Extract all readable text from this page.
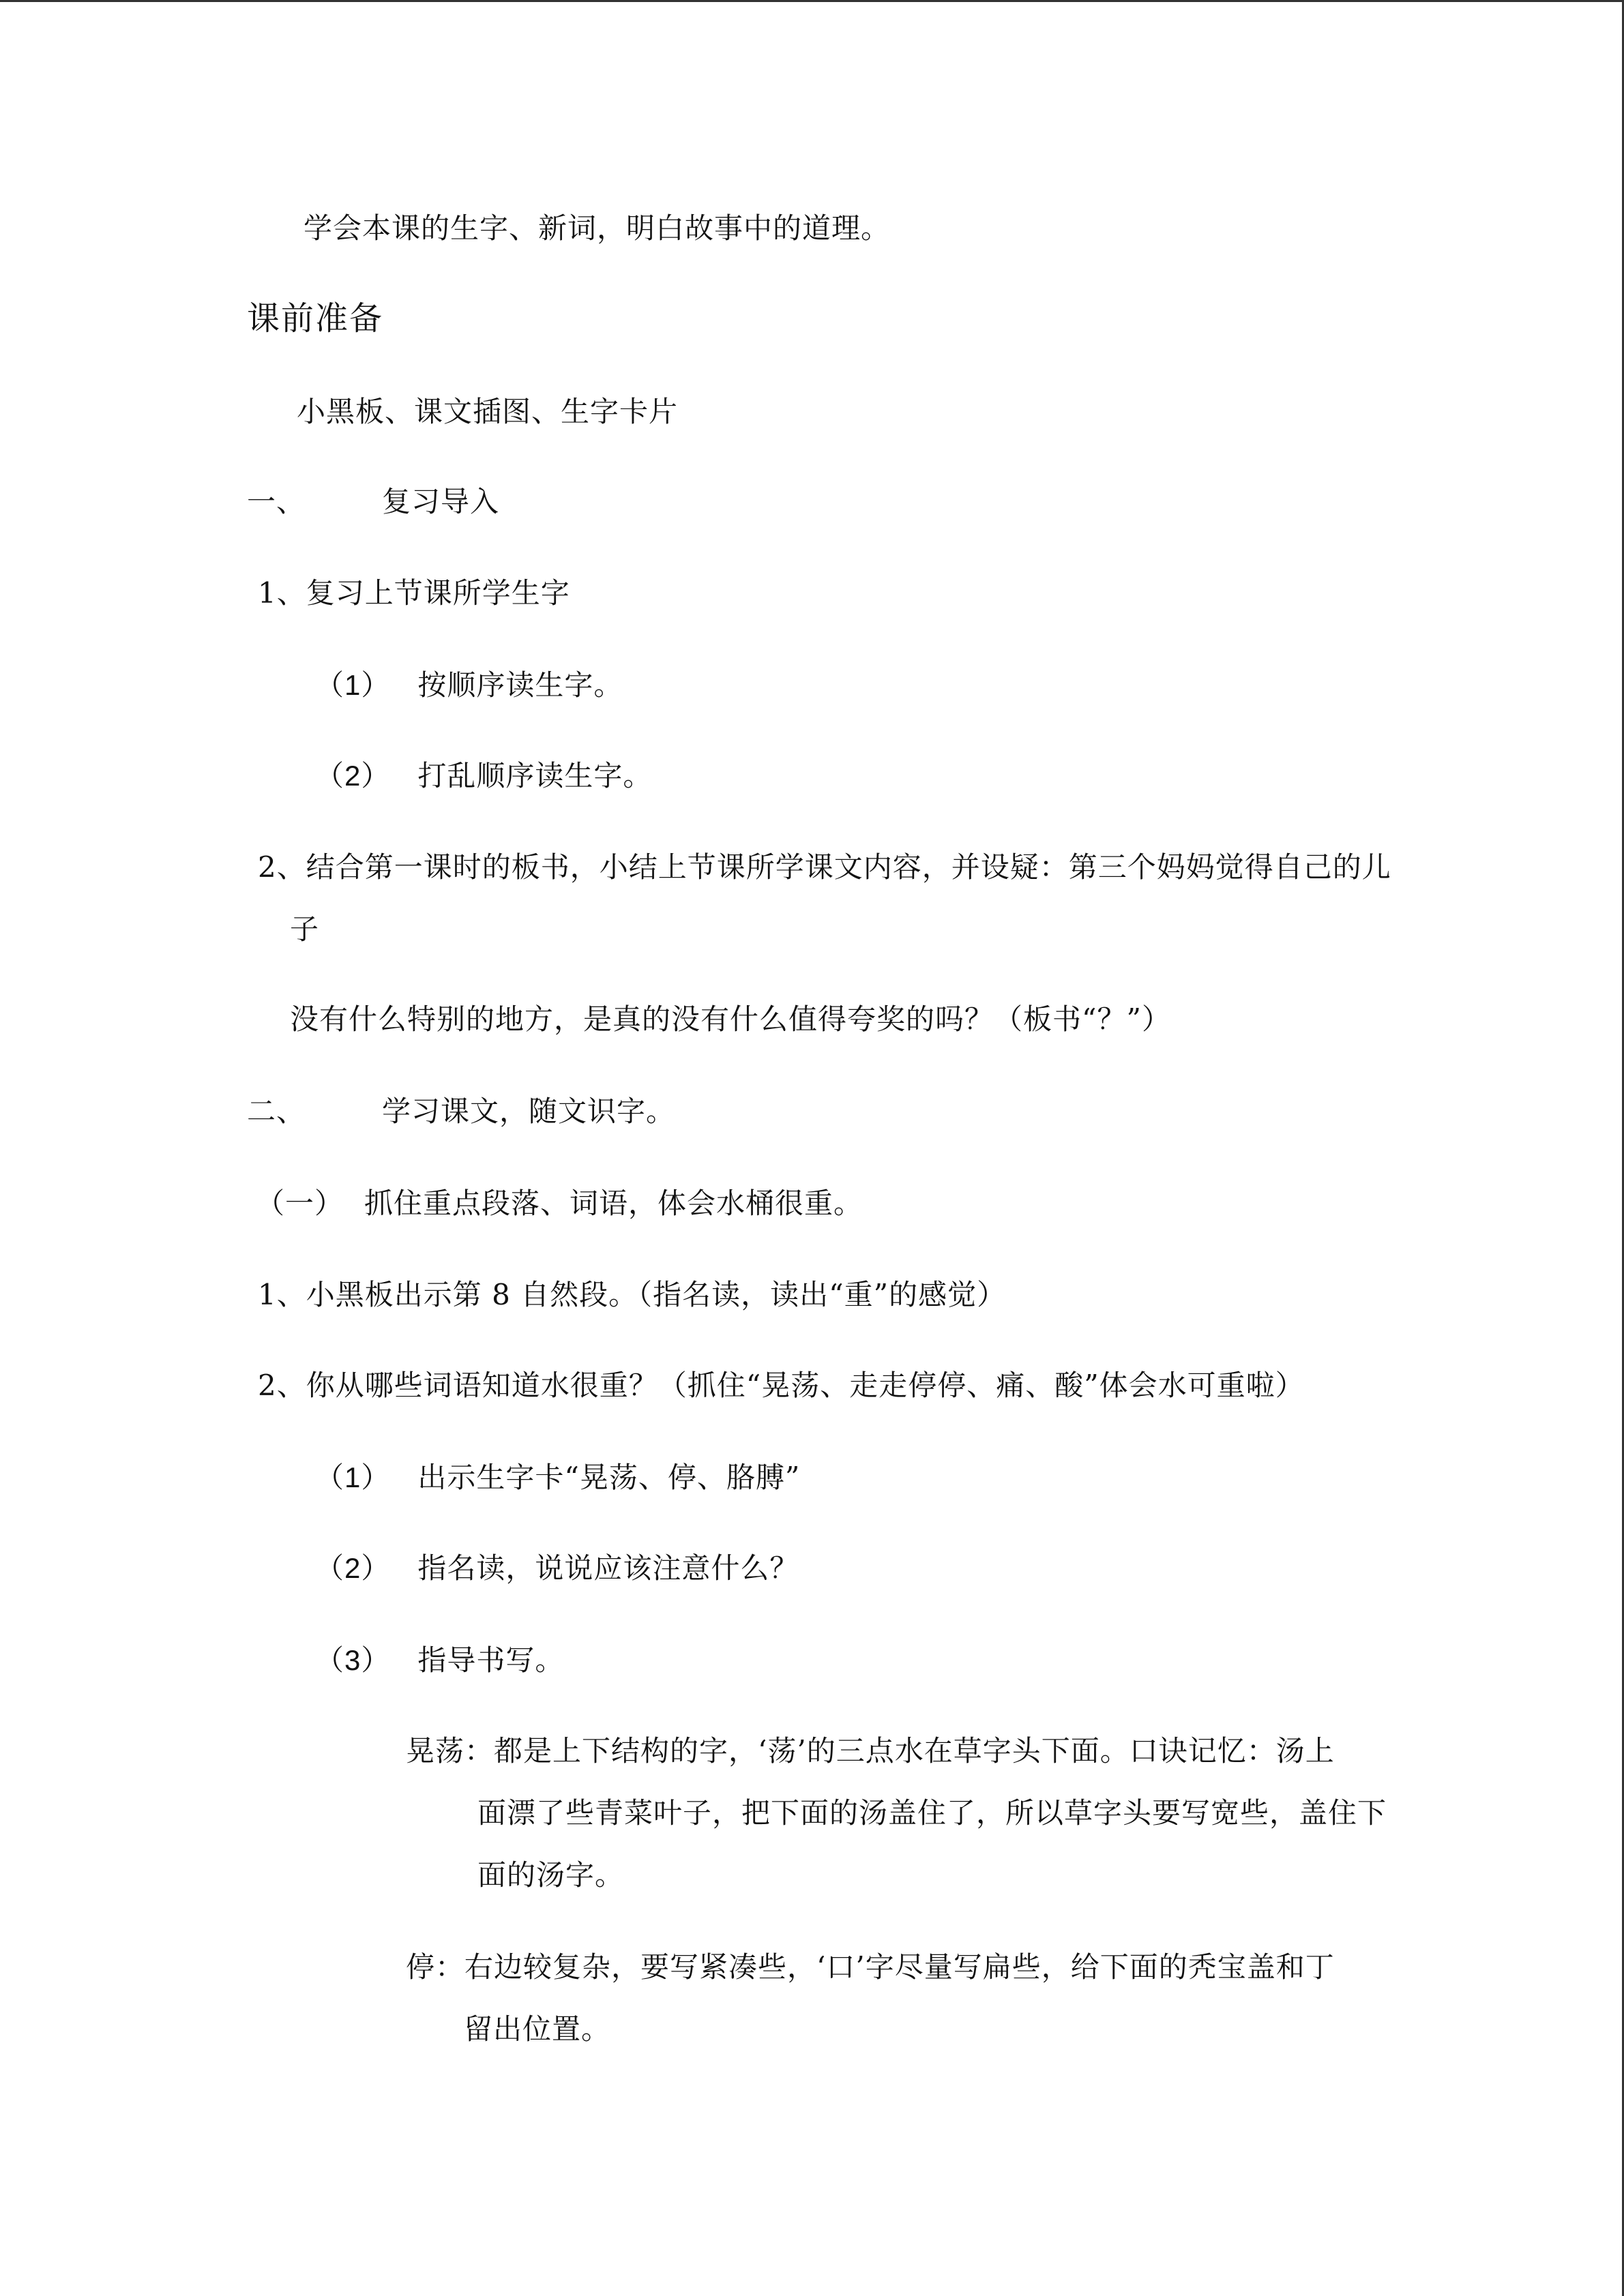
学会本课的生字、新词，明白故事中的道理。
课前准备
小黑板、课文插图、生字卡片
一、	复习导入
1、复习上节课所学生字
（1） 按顺序读生字。
（2） 打乱顺序读生字。
2、结合第一课时的板书，小结上节课所学课文内容，并设疑：第三个妈妈觉得自己的儿
子
没有什么特别的地方，是真的没有什么值得夸奖的吗？（板书“？”）
二、	学习课文，随文识字。
（一） 抓住重点段落、词语，体会水桶很重。
1、小黑板出示第 8 自然段。（指名读，读出“重”的感觉）
2、你从哪些词语知道水很重？（抓住“晃荡、走走停停、痛、酸”体会水可重啦）
（1） 出示生字卡“晃荡、停、胳膊”
（2） 指名读，说说应该注意什么？
（3） 指导书写。
晃荡：都是上下结构的字，‘荡’的三点水在草字头下面。口诀记忆：汤上
面漂了些青菜叶子，把下面的汤盖住了，所以草字头要写宽些，盖住下
面的汤字。
停：右边较复杂，要写紧凑些，‘口’字尽量写扁些，给下面的秃宝盖和丁
留出位置。
